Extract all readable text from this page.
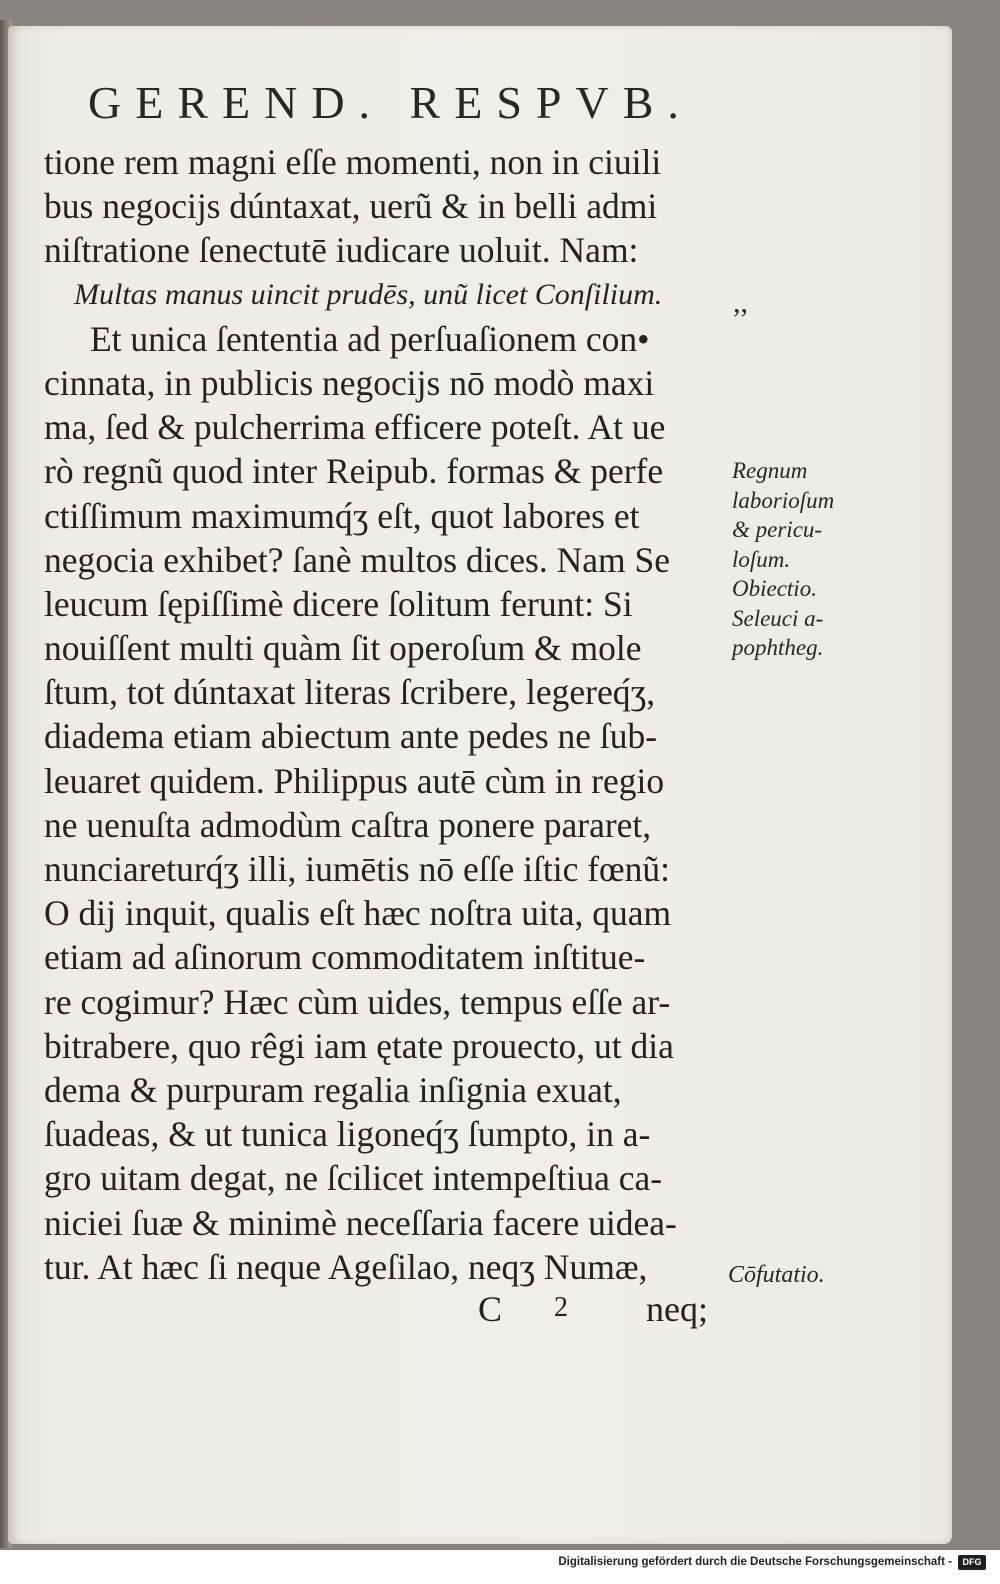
GEREND. RESPVB.
tione rem magni eſſe momenti, non in ciuili
bus negocijs dúntaxat, uerũ & in belli admi
niſtratione ſenectutē iudicare uoluit. Nam:
Multas manus uincit prudēs, unũ licet Conſilium.
Et unica ſententia ad perſuaſionem con•
cinnata, in publicis negocijs nō modò maxi
ma, ſed & pulcherrima efficere poteſt. At ue
rò regnũ quod inter Reipub. formas & perfe
ctiſſimum maximumq́ʒ eſt, quot labores et
negocia exhibet? ſanè multos dices. Nam Se
leucum ſępiſſimè dicere ſolitum ferunt: Si
nouiſſent multi quàm ſit operoſum & mole
ſtum, tot dúntaxat literas ſcribere, legereq́ʒ,
diadema etiam abiectum ante pedes ne ſub-
leuaret quidem. Philippus autē cùm in regio
ne uenuſta admodùm caſtra ponere pararet,
nunciareturq́ʒ illi, iumētis nō eſſe iſtic fœnũ:
O dij inquit, qualis eſt hæc noſtra uita, quam
etiam ad aſinorum commoditatem inſtitue-
re cogimur? Hæc cùm uides, tempus eſſe ar-
bitrabere, quo rêgi iam ętate prouecto, ut dia
dema & purpuram regalia inſignia exuat,
ſuadeas, & ut tunica ligoneq́ʒ ſumpto, in a-
gro uitam degat, ne ſcilicet intempeſtiua ca-
niciei ſuæ & minimè neceſſaria facere uidea-
tur. At hæc ſi neque Ageſilao, neqʒ Numæ,
,,
Regnum
laborioſum
& pericu-
loſum.
Obiectio.
Seleuci a-
pophtheg.
Cōfutatio.
C 2 neq;
Digitalisierung gefördert durch die Deutsche Forschungsgemeinschaft -	DFG
